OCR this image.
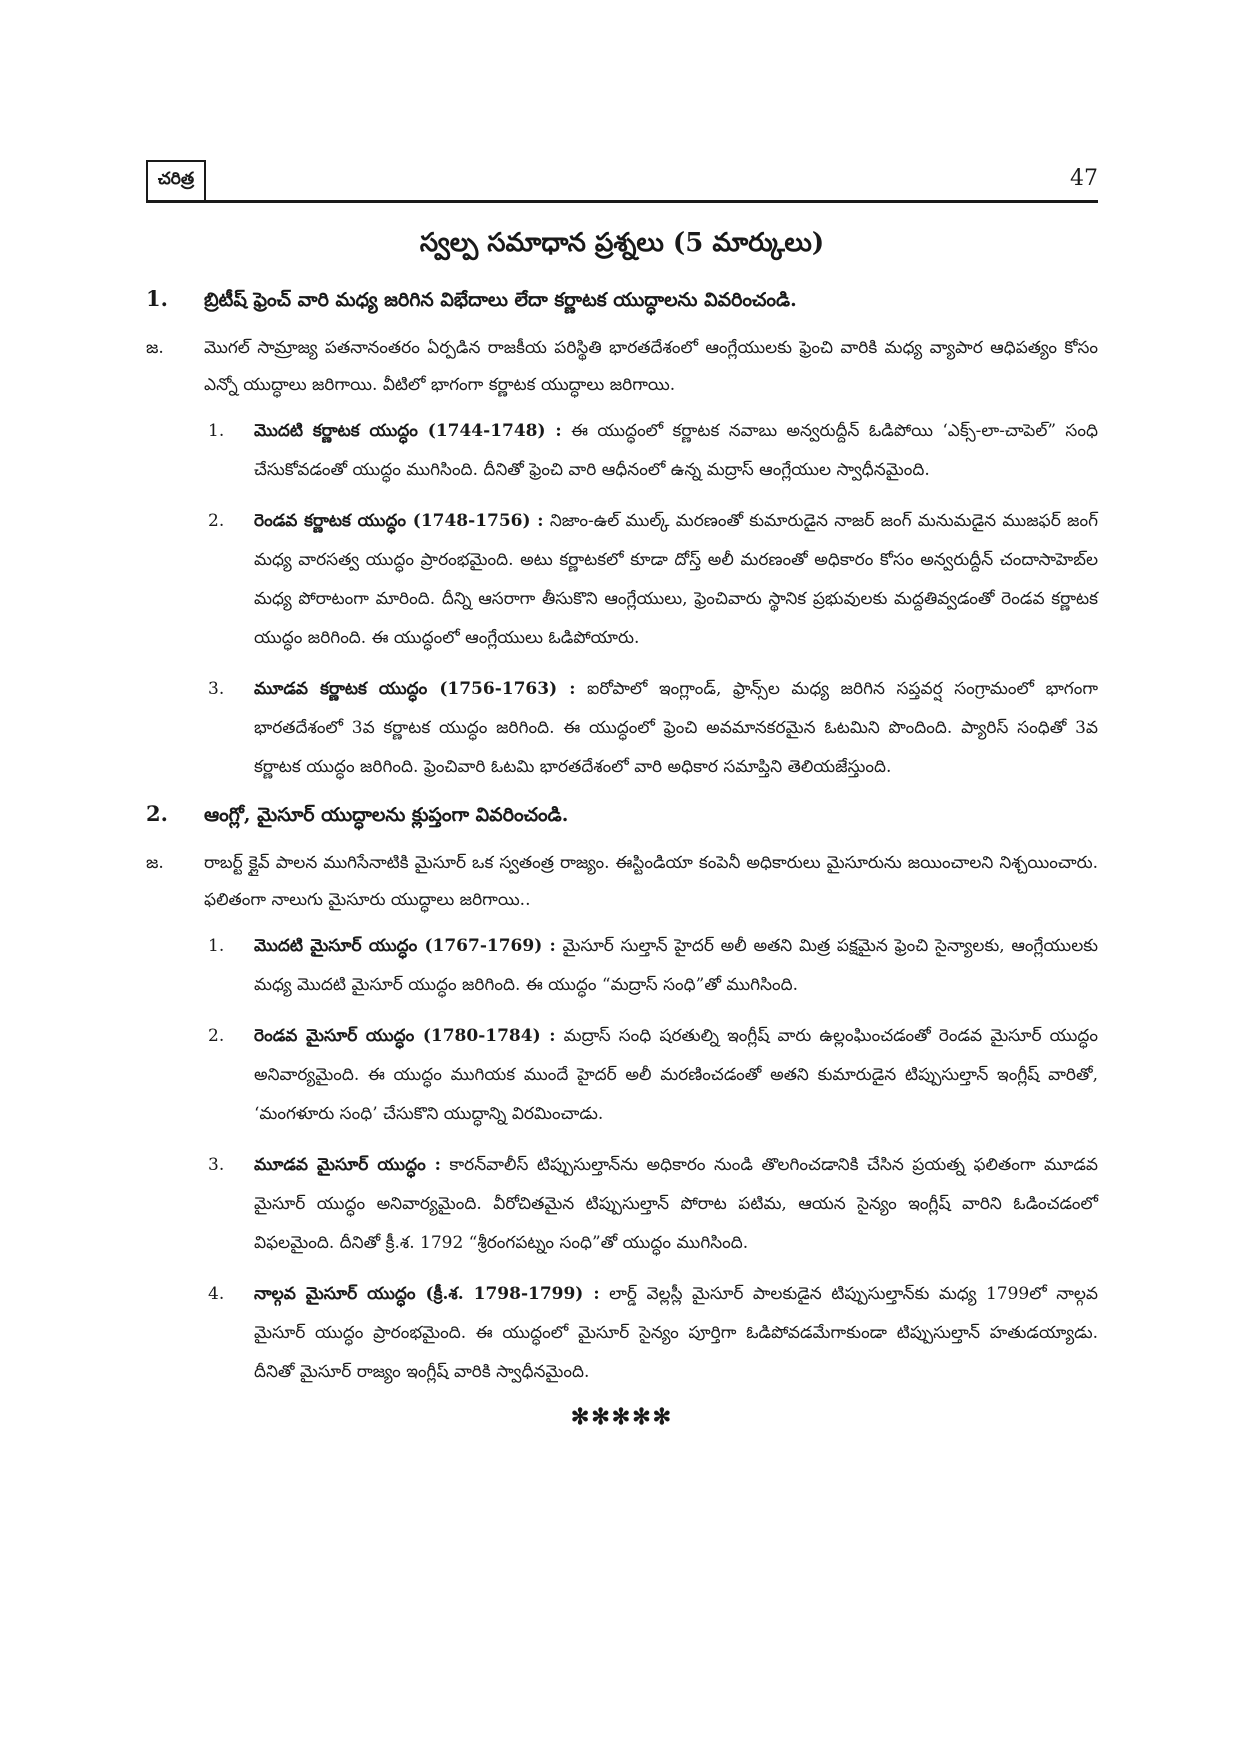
చరిత్ర	47
స్వల్ప సమాధాన ప్రశ్నలు (5 మార్కులు)
1.	బ్రిటీష్ ఫ్రెంచ్ వారి మధ్య జరిగిన విభేదాలు లేదా కర్ణాటక యుద్ధాలను వివరించండి.
జ.	మొగల్ సామ్రాజ్య పతనానంతరం ఏర్పడిన రాజకీయ పరిస్థితి భారతదేశంలో ఆంగ్లేయులకు ఫ్రెంచి వారికి మధ్య వ్యాపార ఆధిపత్యం కోసం ఎన్నో యుద్ధాలు జరిగాయి. వీటిలో భాగంగా కర్ణాటక యుద్ధాలు జరిగాయి.
1.	మొదటి కర్ణాటక యుద్ధం (1744-1748) : ఈ యుద్ధంలో కర్ణాటక నవాబు అన్వరుద్దీన్ ఓడిపోయి ‘ఎక్స్-లా-చాపెల్” సంధి చేసుకోవడంతో యుద్ధం ముగిసింది. దీనితో ఫ్రెంచి వారి ఆధీనంలో ఉన్న మద్రాస్ ఆంగ్లేయుల స్వాధీనమైంది.
2.	రెండవ కర్ణాటక యుద్ధం (1748-1756) : నిజాం-ఉల్ ముల్క్ మరణంతో కుమారుడైన నాజర్ జంగ్ మనుమడైన ముజఫర్ జంగ్ మధ్య వారసత్వ యుద్ధం ప్రారంభమైంది. అటు కర్ణాటకలో కూడా దోస్త్ అలీ మరణంతో అధికారం కోసం అన్వరుద్దీన్ చందాసాహెబ్‌ల మధ్య పోరాటంగా మారింది. దీన్ని ఆసరాగా తీసుకొని ఆంగ్లేయులు, ఫ్రెంచివారు స్థానిక ప్రభువులకు మద్దతివ్వడంతో రెండవ కర్ణాటక యుద్ధం జరిగింది. ఈ యుద్ధంలో ఆంగ్లేయులు ఓడిపోయారు.
3.	మూడవ కర్ణాటక యుద్ధం (1756-1763) : ఐరోపాలో ఇంగ్లాండ్, ఫ్రాన్స్‌ల మధ్య జరిగిన సప్తవర్ష సంగ్రామంలో భాగంగా భారతదేశంలో 3వ కర్ణాటక యుద్ధం జరిగింది. ఈ యుద్ధంలో ఫ్రెంచి అవమానకరమైన ఓటమిని పొందింది. ప్యారిస్ సంధితో 3వ కర్ణాటక యుద్ధం జరిగింది. ఫ్రెంచివారి ఓటమి భారతదేశంలో వారి అధికార సమాప్తిని తెలియజేస్తుంది.
2.	ఆంగ్లో, మైసూర్ యుద్ధాలను క్లుప్తంగా వివరించండి.
జ.	రాబర్ట్ క్లైవ్ పాలన ముగిసేనాటికి మైసూర్ ఒక స్వతంత్ర రాజ్యం. ఈస్టిండియా కంపెనీ అధికారులు మైసూరును జయించాలని నిశ్చయించారు. ఫలితంగా నాలుగు మైసూరు యుద్ధాలు జరిగాయి..
1.	మొదటి మైసూర్ యుద్ధం (1767-1769) : మైసూర్ సుల్తాన్ హైదర్ అలీ అతని మిత్ర పక్షమైన ఫ్రెంచి సైన్యాలకు, ఆంగ్లేయులకు మధ్య మొదటి మైసూర్ యుద్ధం జరిగింది. ఈ యుద్ధం “మద్రాస్ సంధి”తో ముగిసింది.
2.	రెండవ మైసూర్ యుద్ధం (1780-1784) : మద్రాస్ సంధి షరతుల్ని ఇంగ్లీష్ వారు ఉల్లంఘించడంతో రెండవ మైసూర్ యుద్ధం అనివార్యమైంది. ఈ యుద్ధం ముగియక ముందే హైదర్ అలీ మరణించడంతో అతని కుమారుడైన టిప్పుసుల్తాన్ ఇంగ్లీష్ వారితో, ‘మంగళూరు సంధి’ చేసుకొని యుద్ధాన్ని విరమించాడు.
3.	మూడవ మైసూర్ యుద్ధం : కారన్‌వాలీస్ టిప్పుసుల్తాన్‌ను అధికారం నుండి తొలగించడానికి చేసిన ప్రయత్న ఫలితంగా మూడవ మైసూర్ యుద్ధం అనివార్యమైంది. వీరోచితమైన టిప్పుసుల్తాన్ పోరాట పటిమ, ఆయన సైన్యం ఇంగ్లీష్ వారిని ఓడించడంలో విఫలమైంది. దీనితో క్రీ.శ. 1792 “శ్రీరంగపట్నం సంధి”తో యుద్ధం ముగిసింది.
4.	నాల్గవ మైసూర్ యుద్ధం (క్రీ.శ. 1798-1799) : లార్డ్ వెల్లస్లీ మైసూర్ పాలకుడైన టిప్పుసుల్తాన్‌కు మధ్య 1799లో నాల్గవ మైసూర్ యుద్ధం ప్రారంభమైంది. ఈ యుద్ధంలో మైసూర్ సైన్యం పూర్తిగా ఓడిపోవడమేగాకుండా టిప్పుసుల్తాన్ హతుడయ్యాడు. దీనితో మైసూర్ రాజ్యం ఇంగ్లీష్ వారికి స్వాధీనమైంది.
✻✻✻✻✻
